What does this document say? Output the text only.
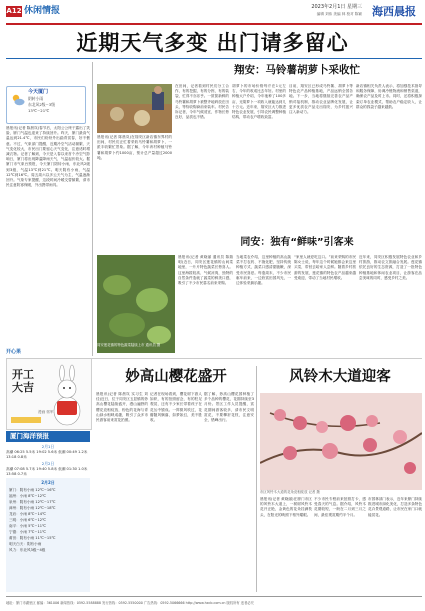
A12 休闲情报	2023年2月1日 星期三
编辑 刘伟 美编 林 校对 陈颖 海西晨报
近期天气多变 出门请多留心
今天厦门
阴转小雨
东北风2级~3级
13℃~21℃
晨报讯(记者 陈晨岚)春节后，太阳公公终于露出了笑脸，厦门气温也迎来了持续回升。昨天，厦门最高气温达到21.4℃，市民们纷纷外出踏青赏春，好不惬意。不过，气象部门提醒，近期冷空气活动频繁，天气变化较大，市民出门要留心天气变化，注意适时增减衣物。记者了解到，今天是入春以来首个冷空气影响日，厦门将出现降温降雨天气，气温起伏较大。据厦门市气象台预报，今天厦门阴转小雨，东北风2级到3级，气温13℃到21℃。明天阴有小雨，气温12℃到16℃。周五周六以多云天气为主，气温逐渐回升。气象专家提醒，这段时间冷暖交替频繁，请市民注意防寒保暖，外出携带雨具。
开心果
开工
大吉
漫画 郭军
翔安：马铃薯胡萝卜采收忙
晨报讯(记者 陈晨岚)在翔安区新店镇东界村的田间，村民们正忙着采收马铃薯和胡萝卜，一派丰收繁忙景象。据了解，今年该村种植马铃薯和胡萝卜约1000亩，预计总产量超过2000吨。
在田间，记者看到村民们分工合作，有的挖掘，有的分拣，有的装袋，忙得不亦乐乎。一筐筐新鲜的马铃薯和胡萝卜被整齐地码放在田头，等待收购商前来装车。村民告诉记者，今年气候适宜，作物长势良好，品质也不错。
胡萝卜的市场价格每斤在1元左右，今年的收成比去年好。村里的种植大户介绍，今年他种了100多亩，光胡萝卜一项收入就能达到几十万元。近年来，翔安区大力推进特色农业发展，引导农民调整种植结构，带动农户增收致富。
目前，翔安区已形成马铃薯、胡萝卜等特色农产品种植基地，产品远销全国各地。下一步，当地将继续完善农产品产销对接机制，推动农业品牌化发展，让更多优质农产品走出翔安，为乡村振兴注入新动力。
新店镇相关负责人表示，将加强技术指导和服务保障，协调冷链物流和销售渠道，确保农产品及时上市。同时，还将积极探索订单农业模式，帮助农户稳定收入，让群众的钱袋子越来越鼓。
同安：独有“鲜味”引客来
同安莲花镇的特色蔬菜陆续上市 通讯员 摄
晨报讯(记者 黄晓丽 通讯员 陈瑞明)近日，同安区莲花镇的山间菜地里，一片片特色蔬菜长势喜人。这里海拔较高、气候凉爽，独特的自然条件造就了蔬菜的鲜美口感，吸引了不少市民慕名前来采购。
当地菜农介绍，这里种植的高山蔬菜不打农药、不施化肥，坚持传统种植方式，蔬菜口感清甜脆嫩，深受市民喜爱。每逢周末，不少市民驱车前来，一边欣赏田园风光，一边体验采摘乐趣。
“家里人就爱吃这口。”前来采购的市民陈女士说，每年这个时候她都会来这里买菜，带回去给家人尝鲜。随着乡村旅游的发展，莲花镇的特色农产品越来越受欢迎，带动了当地村民增收。
近年来，同安区积极发展特色农业和乡村旅游，推动农文旅融合发展。莲花镇依托良好的生态资源，打造了一批特色种植基地和休闲农业项目，让游客在品尝美味的同时，感受乡村之美。
厦门海洋预报
2月1日
高潮 06:25 5.5米 19:02 5.6米 低潮 00:49 1.2米 13:18 0.8米
2月2日
高潮 07:08 5.7米 19:40 5.8米 低潮 01:30 1.0米 13:58 0.7米
2月2日
厦门：阴有小雨 12℃~16℃
福州：小雨 8℃~12℃
泉州：阴有小雨 12℃~17℃
漳州：阴有小雨 12℃~18℃
龙岩：小雨 8℃~14℃
三明：小雨 6℃~12℃
南平：小雨 5℃~11℃
宁德：小雨 7℃~11℃
莆田：阴有小雨 11℃~15℃
明天白天：阴有小雨
风力：东北风3级~4级
妙高山樱花盛开
晨报讯(记者 陈晨岚 实习生 刘佳)近日，位于同安区五显镇的妙高山樱花陆续盛开，漫山遍野的樱花竞相绽放，粉色的花海与青山绿水相映成趣，吸引了众多市民游客前来赏花拍照。
记者在现场看到，樱花树下游人如织，有的拍照留念，有的驻足观赏，还有不少家长带着孩子在花丛中嬉戏。一阵微风吹过，花瓣随风飘落，如梦如幻，美不胜收。
据了解，妙高山樱花园种植了多个品种的樱花，花期持续至3月份。景区工作人员提醒，赏花期间游客较多，请市民文明赏花，不要攀折花枝，注意安全，错峰出行。
风铃木大道迎客
市区风铃木大道的花朵竞相绽放 记者 摄
晨报讯(记者 黄晓丽)在厦门市区的风铃木大道上，一树树风铃木花开正艳，金黄色的花朵挂满枝头，在阳光的映照下格外耀眼。
不少市民专程前来拍照打卡，感受春天的气息。据介绍，风铃木花期较短，一般在二月到三月之间，最佳观赏期约半个月。
市园林部门表示，近年来厦门持续推进城市绿化美化，打造多条特色花卉景观道路，让市民在家门口就能赏花。
地址：厦门市湖里区 邮编：361006 新闻热线：0592-5588888 发行热线：0592-5550000 广告热线：0592-5066666 http://www.hxcb.com.cn 版权所有 违者必究
